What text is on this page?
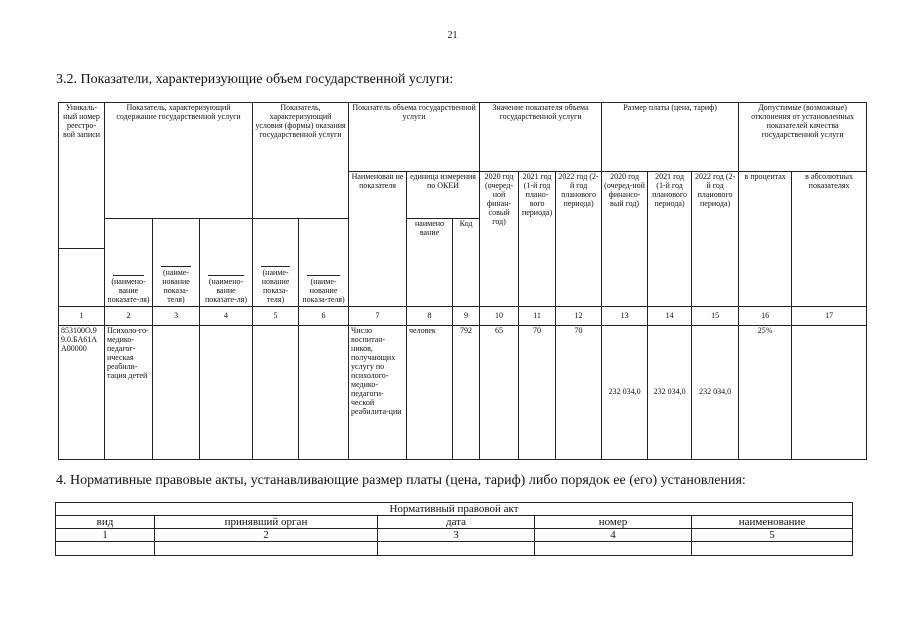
21
3.2. Показатели, характеризующие объем государственной услуги:
Уникаль-ный номер реестро-вой записи	Показатель, характеризующий содержание государственной услуги			Показатель, характеризующий условия (формы) оказания государственной услуги		Показатель объема государственной услуги			Значение показателя объема государственной услуги			Размер платы (цена, тариф)			Допустимые (возможные) отклонения от установленных показателей качества государственной услуги	
						Наименован ие показателя	единица измерения по ОКЕИ		2020 год (очеред-ной финан-совый год)	2021 год (1-й год плано-вого периода)	2022 год (2-й год планового периода)	2020 год (очеред-ной финансо-вый год)	2021 год (1-й год планового периода)	2022 год (2-й год планового периода)	в процентах	в абсолютных показателях

(наимено-вание показате-ля)	(наиме-нование показа-теля)	(наимено-вание показате-ля)	(наиме-нование показа-теля)	(наиме-нование показа-теля)		наимено вание	Код								

1	2	3	4	5	6	7	8	9	10	11	12	13	14	15	16	17
853100О.99.0.БА61АА00000	Психоло-го-медико-педагог-ическая реабили-тация детей					Число воспитан-ников, получающих услугу по психолого-медико-педагоги-ческой реабилита-ции	человек	792	65	70	70	232 034,0	232 034,0	232 034,0	25%	
4. Нормативные правовые акты, устанавливающие размер платы (цена, тариф) либо порядок ее (его) установления:
Нормативный правовой акт				
вид	принявший орган	дата	номер	наименование
1	2	3	4	5
